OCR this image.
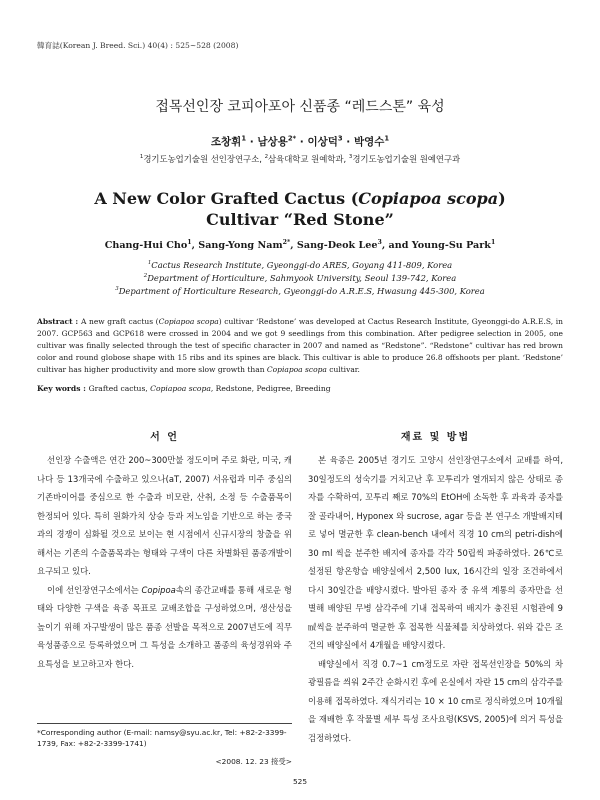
韓育誌(Korean J. Breed. Sci.) 40(4) : 525~528 (2008)
접목선인장 코피아포아 신품종 “레드스톤” 육성
조창휘$^1$ · 남상용$^{2*}$ · 이상덕$^3$ · 박영수$^1$
$^1$경기도농업기술원 선인장연구소, $^2$삼육대학교 원예학과, $^3$경기도농업기술원 원예연구과
A New Color Grafted Cactus (Copiapoa scopa)
Cultivar “Red Stone”
Chang-Hui Cho$^1$, Sang-Yong Nam$^{2*}$, Sang-Deok Lee$^3$, and Young-Su Park$^1$
$^1$Cactus Research Institute, Gyeonggi-do ARES, Goyang 411-809, Korea
$^2$Department of Horticulture, Sahmyook University, Seoul 139-742, Korea
$^3$Department of Horticulture Research, Gyeonggi-do A.R.E.S, Hwasung 445-300, Korea
Abstract : A new graft cactus (Copiapoa scopa) cultivar ‘Redstone’ was developed at Cactus Research Institute, Gyeonggi-do A.R.E.S, in 2007. GCP563 and GCP618 were crossed in 2004 and we got 9 seedlings from this combination. After pedigree selection in 2005, one cultivar was finally selected through the test of specific character in 2007 and named as “Redstone”. “Redstone” cultivar has red brown color and round globose shape with 15 ribs and its spines are black. This cultivar is able to produce 26.8 offshoots per plant. ‘Redstone’ cultivar has higher productivity and more slow growth than Copiapoa scopa cultivar.
Key words : Grafted cactus, Copiapoa scopa, Redstone, Pedigree, Breeding
서 언	재료 및 방법

선인장 수출액은 연간 200~300만불 정도이며 주로 화란, 미국, 캐나다 등 13개국에 수출하고 있으나(aT, 2007) 서유럽과 미주 중심의 기존바이어를 중심으로 한 수출과 비모란, 산취, 소정 등 수출품목이 한정되어 있다. 특히 원화가치 상승 등과 저노임을 기반으로 하는 중국과의 경쟁이 심화될 것으로 보이는 현 시점에서 신규시장의 창출을 위해서는 기존의 수출품목과는 형태와 구색이 다른 차별화된 품종개발이 요구되고 있다.

이에 선인장연구소에서는 Copipoa속의 종간교배를 통해 새로운 형태와 다양한 구색을 육종 목표로 교배조합을 구성하였으며, 생산성을 높이기 위해 자구발생이 많은 품종 선발을 목적으로 2007년도에 직무육성품종으로 등록하였으며 그 특성을 소개하고 품종의 육성경위와 주요특성을 보고하고자 한다.

본 육종은 2005년 경기도 고양시 선인장연구소에서 교배를 하여, 30일정도의 성숙기를 거치고난 후 꼬투리가 열개되지 않은 상태로 종자를 수확하여, 꼬투리 째로 70%의 EtOH에 소독한 후 과육과 종자를 잘 골라내어, Hyponex 와 sucrose, agar 등을 본 연구소 개발배지테로 넣어 멸균한 후 clean-bench 내에서 직경 10 cm의 petri-dish에 30 ml 씩을 분주한 배지에 종자를 각각 50립씩 파종하였다. 26℃로 설정된 항온항습 배양실에서 2,500 lux, 16시간의 일장 조건하에서 다시 30일간을 배양시켰다. 발아된 종자 중 유색 계통의 종자만을 선별해 배양된 무병 삼각주에 기내 접목하여 배지가 충진된 시험관에 9㎖씩을 분주하여 멸균한 후 접목한 식물체를 치상하였다. 위와 같은 조건의 배양실에서 4개월을 배양시켰다.

배양실에서 직경 0.7~1 cm정도로 자란 접목선인장을 50%의 차광필름을 씌워 2주간 순화시킨 후에 온실에서 자란 15 cm의 삼각주를 이용해 접목하였다. 재식거리는 10 × 10 cm로 정식하였으며 10개월을 재배한 후 작물별 세부 특성 조사요령(KSVS, 2005)에 의거 특성을 검정하였다.

*Corresponding author (E-mail: namsy@syu.ac.kr, Tel: +82-2-3399- 1739, Fax: +82-2-3399-1741)
<2008. 12. 23 接受>
525
